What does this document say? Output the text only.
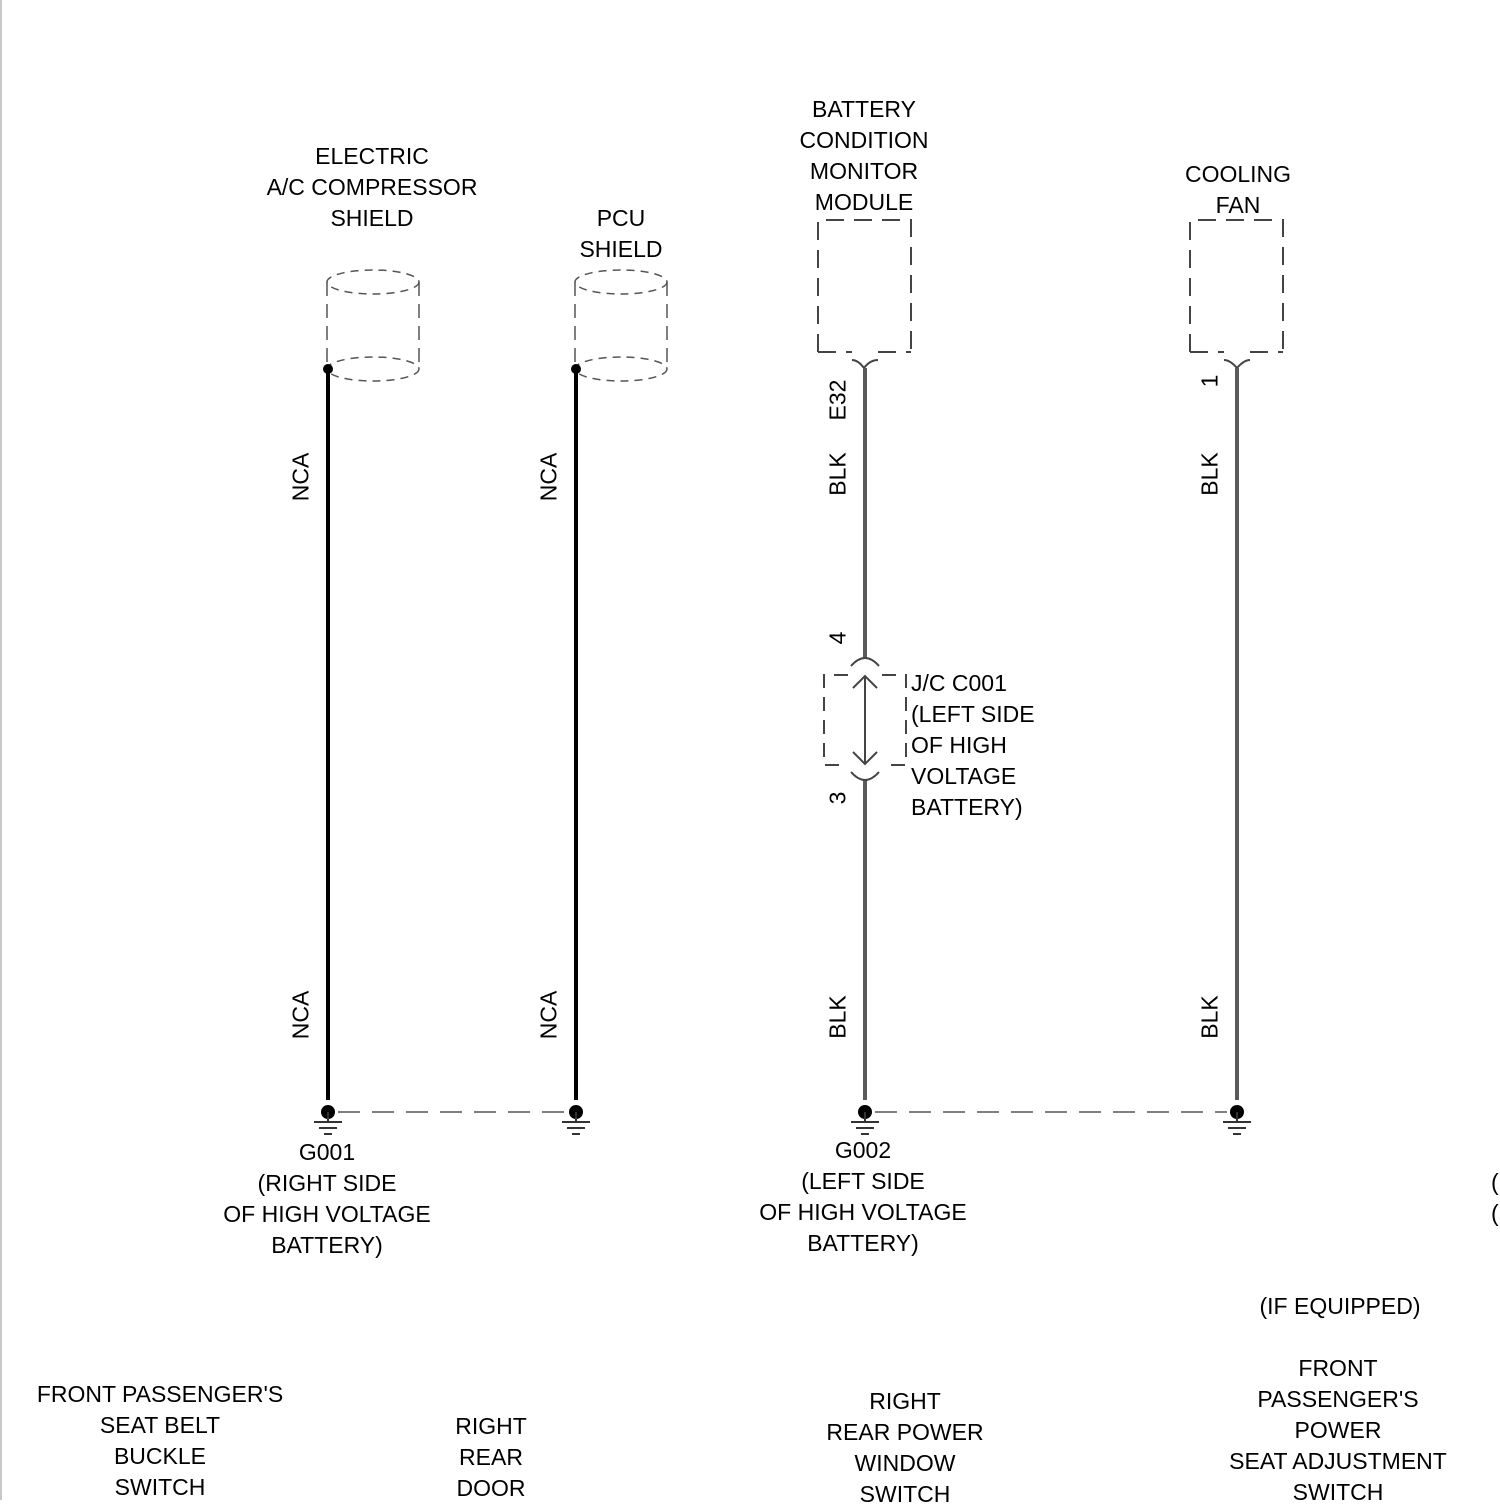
ELECTRIC
A/C COMPRESSOR
SHIELD	PCU
SHIELD
BATTERY
CONDITION
MONITOR
MODULE
COOLING
FAN
NCA
NCA
NCA
NCA
E32
BLK
BLK
1
BLK
BLK
4
3
J/C C001
(LEFT SIDE
OF HIGH
VOLTAGE
BATTERY)
G001
(RIGHT SIDE
OF HIGH VOLTAGE
BATTERY)
G002
(LEFT SIDE
OF HIGH VOLTAGE
BATTERY)
(
(
(IF EQUIPPED)
FRONT PASSENGER'S
SEAT BELT
BUCKLE
SWITCH
RIGHT
REAR
DOOR
RIGHT
REAR POWER
WINDOW
SWITCH
FRONT
PASSENGER'S
POWER
SEAT ADJUSTMENT
SWITCH
